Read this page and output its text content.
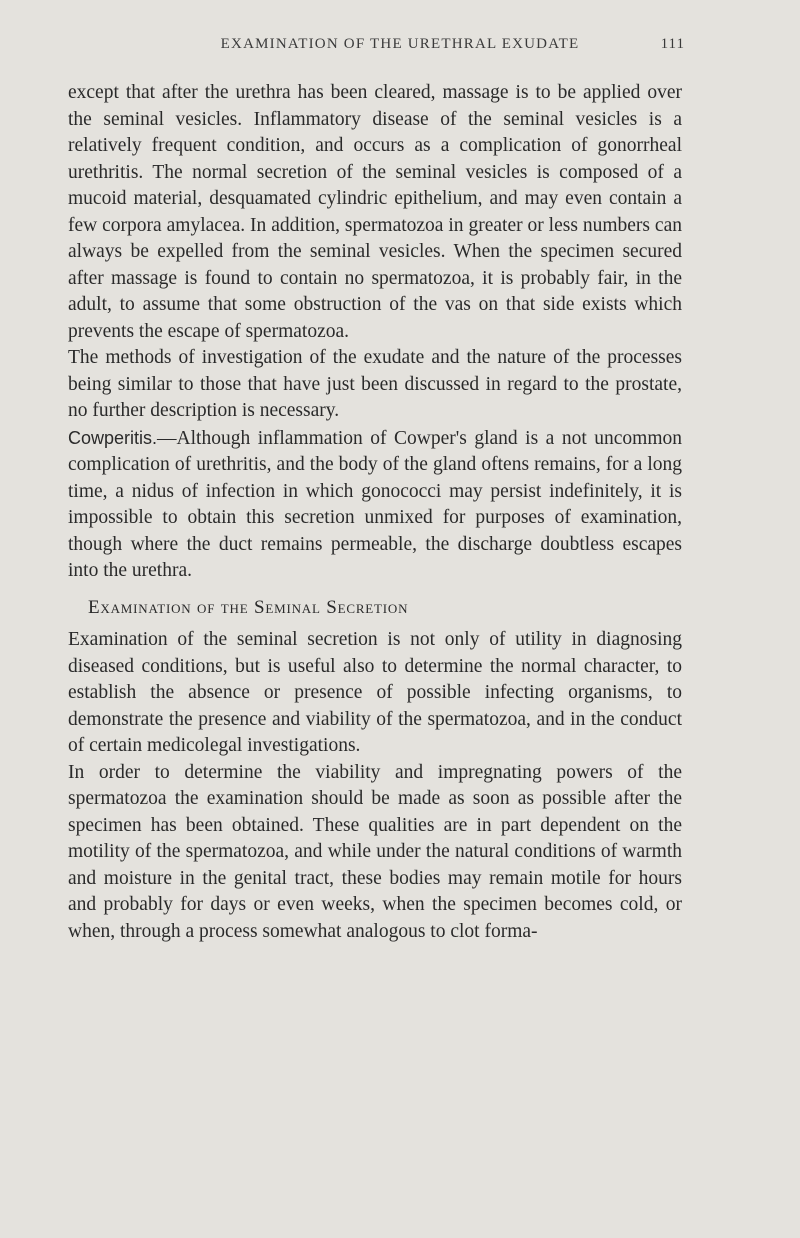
EXAMINATION OF THE URETHRAL EXUDATE	111

except that after the urethra has been cleared, massage is to be applied over the seminal vesicles. Inflammatory disease of the seminal vesicles is a relatively frequent condition, and occurs as a complication of gonorrheal urethritis. The normal secretion of the seminal vesicles is composed of a mucoid material, desquamated cylindric epithelium, and may even contain a few corpora amylacea. In addition, spermatozoa in greater or less numbers can always be expelled from the seminal vesicles. When the specimen secured after massage is found to contain no spermatozoa, it is probably fair, in the adult, to assume that some obstruction of the vas on that side exists which prevents the escape of spermatozoa.

The methods of investigation of the exudate and the nature of the processes being similar to those that have just been discussed in regard to the prostate, no further description is necessary.

Cowperitis.—Although inflammation of Cowper's gland is a not uncommon complication of urethritis, and the body of the gland oftens remains, for a long time, a nidus of infection in which gonococci may persist indefinitely, it is impossible to obtain this secretion unmixed for purposes of examination, though where the duct remains permeable, the discharge doubtless escapes into the urethra.

Examination of the Seminal Secretion

Examination of the seminal secretion is not only of utility in diagnosing diseased conditions, but is useful also to determine the normal character, to establish the absence or presence of possible infecting organisms, to demonstrate the presence and viability of the spermatozoa, and in the conduct of certain medicolegal investigations.

In order to determine the viability and impregnating powers of the spermatozoa the examination should be made as soon as possible after the specimen has been obtained. These qualities are in part dependent on the motility of the spermatozoa, and while under the natural conditions of warmth and moisture in the genital tract, these bodies may remain motile for hours and probably for days or even weeks, when the specimen becomes cold, or when, through a process somewhat analogous to clot forma-
